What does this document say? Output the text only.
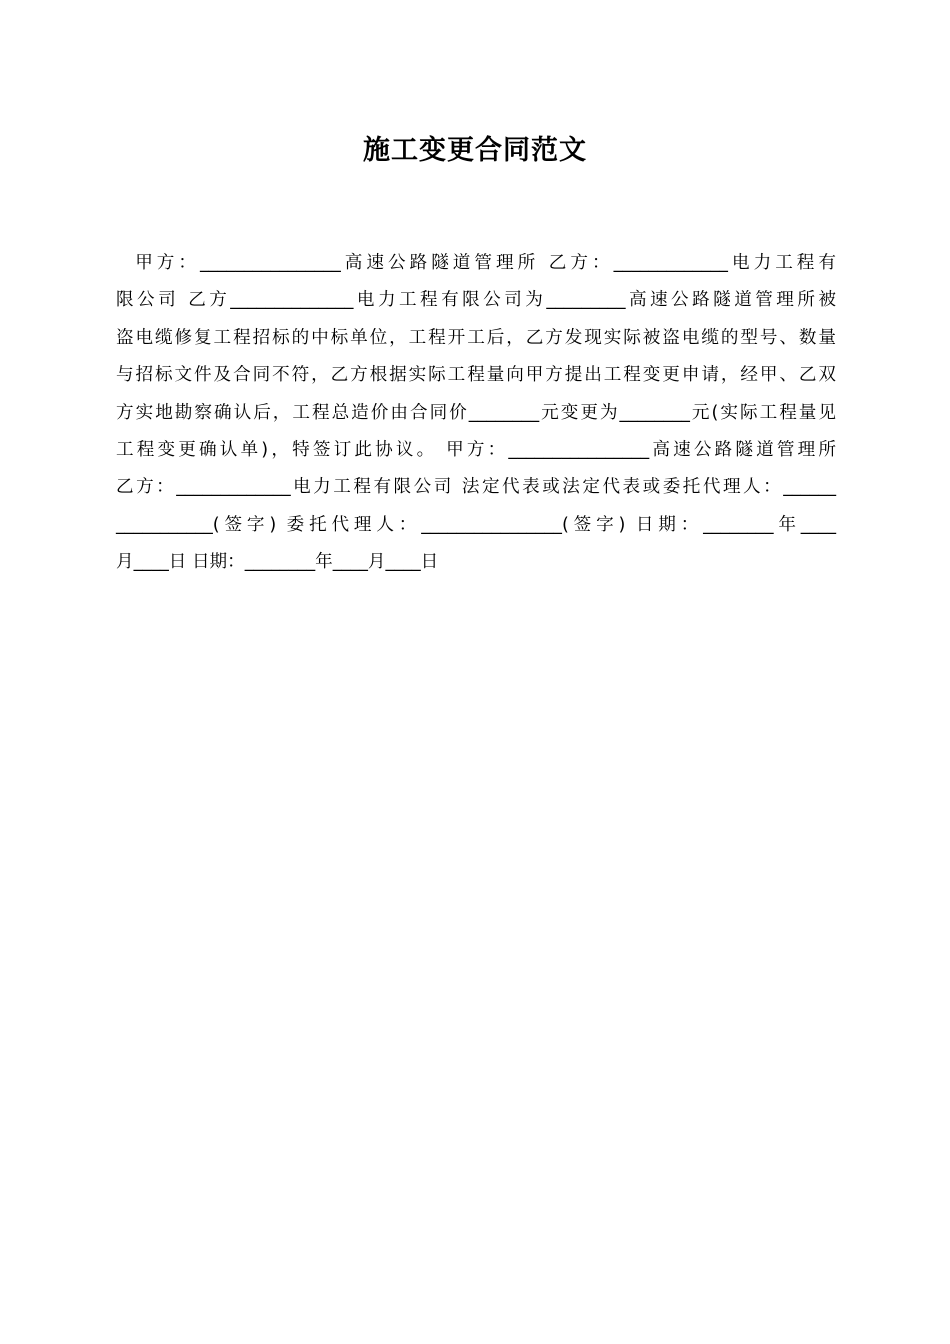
施工变更合同范文
甲方：________________高速公路隧道管理所 乙方：_____________电力工程有
限公司 乙方______________电力工程有限公司为_________高速公路隧道管理所被
盗电缆修复工程招标的中标单位，工程开工后，乙方发现实际被盗电缆的型号、数量
与招标文件及合同不符，乙方根据实际工程量向甲方提出工程变更申请，经甲、乙双
方实地勘察确认后，工程总造价由合同价________元变更为________元(实际工程量见
工程变更确认单)，特签订此协议。 甲方：________________高速公路隧道管理所
乙方：_____________电力工程有限公司 法定代表或法定代表或委托代理人：______
___________(签字) 委托代理人：________________(签字) 日期：________年____
月____日 日期：________年____月____日
